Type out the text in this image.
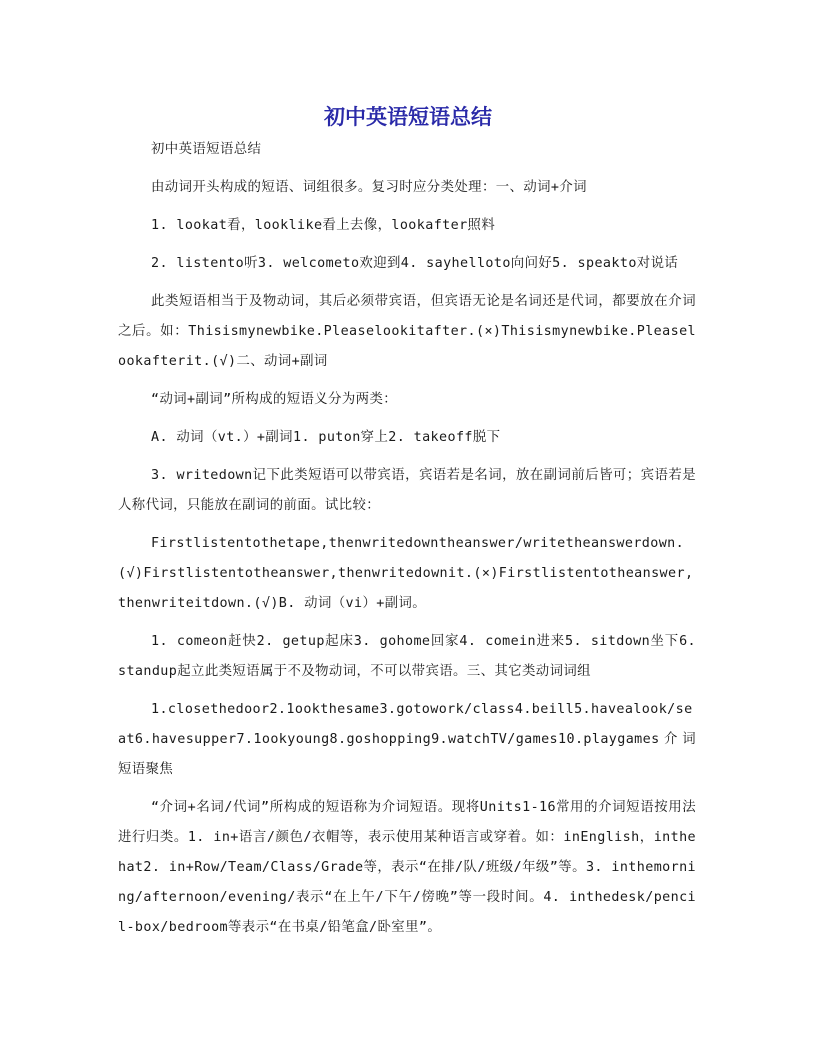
初中英语短语总结

初中英语短语总结

由动词开头构成的短语、词组很多。复习时应分类处理：一、动词+介词

1. lookat看，looklike看上去像，lookafter照料

2. listento听3. welcometo欢迎到4. sayhelloto向问好5. speakto对说话

此类短语相当于及物动词，其后必须带宾语，但宾语无论是名词还是代词，都要放在介词之后。如：Thisismynewbike.Pleaselookitafter.(×)Thisismynewbike.Pleaselookafterit.(√)二、动词+副词

“动词+副词”所构成的短语义分为两类：

A. 动词（vt.）+副词1. puton穿上2. takeoff脱下

3. writedown记下此类短语可以带宾语，宾语若是名词，放在副词前后皆可；宾语若是人称代词，只能放在副词的前面。试比较：

Firstlistentothetape,thenwritedowntheanswer/writetheanswerdown.(√)Firstlistentotheanswer,thenwritedownit.(×)Firstlistentotheanswer,thenwriteitdown.(√)B. 动词（vi）+副词。

1. comeon赶快2. getup起床3. gohome回家4. comein进来5. sitdown坐下6. standup起立此类短语属于不及物动词，不可以带宾语。三、其它类动词词组

1.closethedoor2.1ookthesame3.gotowork/class4.beill5.havealook/seat6.havesupper7.1ookyoung8.goshopping9.watchTV/games10.playgames介词短语聚焦

“介词+名词/代词”所构成的短语称为介词短语。现将Units1-16常用的介词短语按用法进行归类。1. in+语言/颜色/衣帽等，表示使用某种语言或穿着。如：inEnglish，inthehat2. in+Row/Team/Class/Grade等，表示“在排/队/班级/年级”等。3. inthemorning/afternoon/evening/表示“在上午/下午/傍晚”等一段时间。4. inthedesk/pencil-box/bedroom等表示“在书桌/铅笔盒/卧室里”。
